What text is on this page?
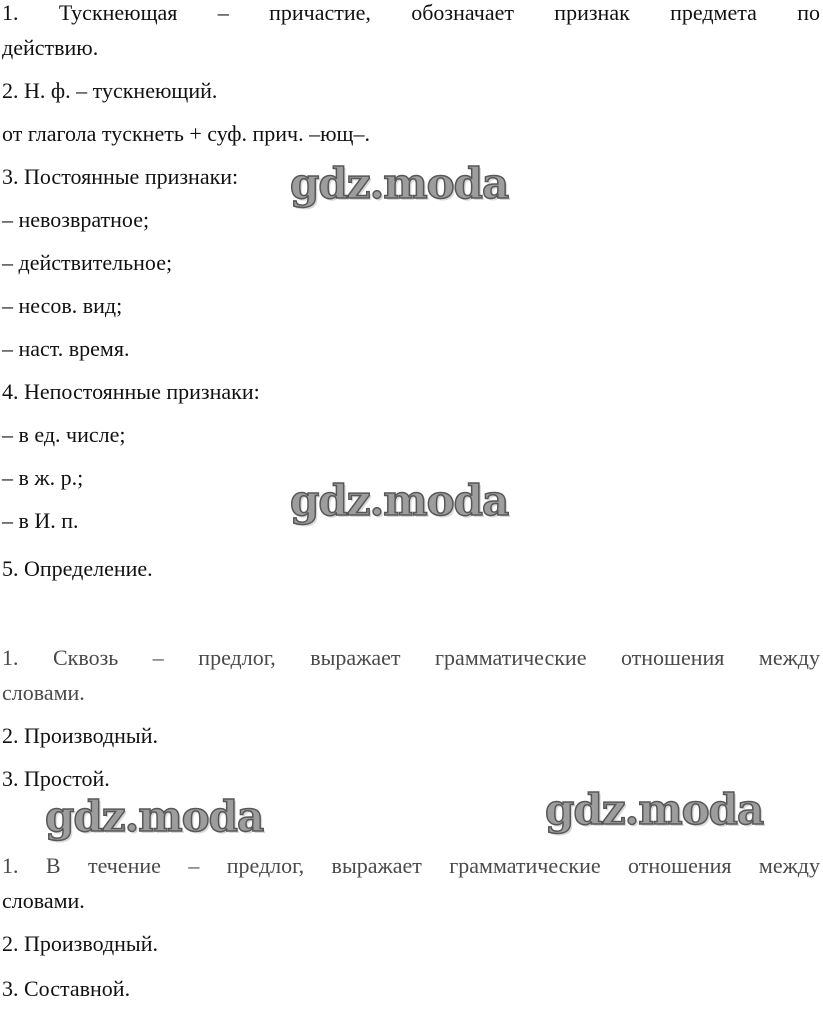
1. Тускнеющая – причастие, обозначает признак предмета по
действию.
2. Н. ф. – тускнеющий.
от глагола тускнеть + суф. прич. –ющ–.
3. Постоянные признаки:
– невозвратное;
– действительное;
– несов. вид;
– наст. время.
4. Непостоянные признаки:
– в ед. числе;
– в ж. р.;
– в И. п.
5. Определение.
1. Сквозь – предлог, выражает грамматические отношения между
словами.
2. Производный.
3. Простой.
1. В течение – предлог, выражает грамматические отношения между
словами.
2. Производный.
3. Составной.
gdz.moda
gdz.moda
gdz.moda	gdz.moda
